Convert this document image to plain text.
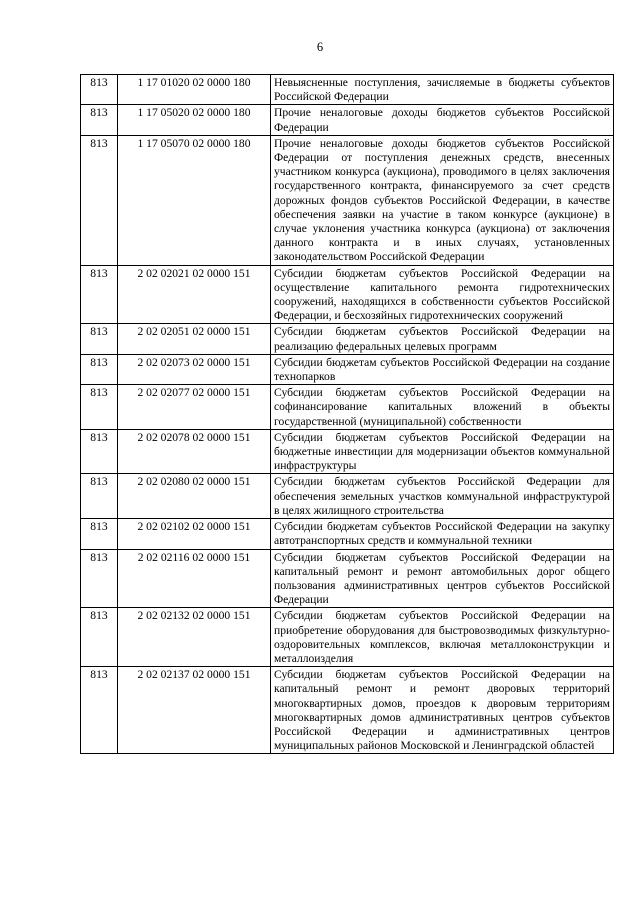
6
813	1 17 01020 02 0000 180	Невыясненные поступления, зачисляемые в бюджеты субъектов Российской Федерации
813	1 17 05020 02 0000 180	Прочие неналоговые доходы бюджетов субъектов Российской Федерации
813	1 17 05070 02 0000 180	Прочие неналоговые доходы бюджетов субъектов Российской Федерации от поступления денежных средств, внесенных участником конкурса (аукциона), проводимого в целях заключения государственного контракта, финансируемого за счет средств дорожных фондов субъектов Российской Федерации, в качестве обеспечения заявки на участие в таком конкурсе (аукционе) в случае уклонения участника конкурса (аукциона) от заключения данного контракта и в иных случаях, установленных законодательством Российской Федерации
813	2 02 02021 02 0000 151	Субсидии бюджетам субъектов Российской Федерации на осуществление капитального ремонта гидротехнических сооружений, находящихся в собственности субъектов Российской Федерации, и бесхозяйных гидротехнических сооружений
813	2 02 02051 02 0000 151	Субсидии бюджетам субъектов Российской Федерации на реализацию федеральных целевых программ
813	2 02 02073 02 0000 151	Субсидии бюджетам субъектов Российской Федерации на создание технопарков
813	2 02 02077 02 0000 151	Субсидии бюджетам субъектов Российской Федерации на софинансирование капитальных вложений в объекты государственной (муниципальной) собственности
813	2 02 02078 02 0000 151	Субсидии бюджетам субъектов Российской Федерации на бюджетные инвестиции для модернизации объектов коммунальной инфраструктуры
813	2 02 02080 02 0000 151	Субсидии бюджетам субъектов Российской Федерации для обеспечения земельных участков коммунальной инфраструктурой в целях жилищного строительства
813	2 02 02102 02 0000 151	Субсидии бюджетам субъектов Российской Федерации на закупку автотранспортных средств и коммунальной техники
813	2 02 02116 02 0000 151	Субсидии бюджетам субъектов Российской Федерации на капитальный ремонт и ремонт автомобильных дорог общего пользования административных центров субъектов Российской Федерации
813	2 02 02132 02 0000 151	Субсидии бюджетам субъектов Российской Федерации на приобретение оборудования для быстровозводимых физкультурно-оздоровительных комплексов, включая металлоконструкции и металлоизделия
813	2 02 02137 02 0000 151	Субсидии бюджетам субъектов Российской Федерации на капитальный ремонт и ремонт дворовых территорий многоквартирных домов, проездов к дворовым территориям многоквартирных домов административных центров субъектов Российской Федерации и административных центров муниципальных районов Московской и Ленинградской областей
